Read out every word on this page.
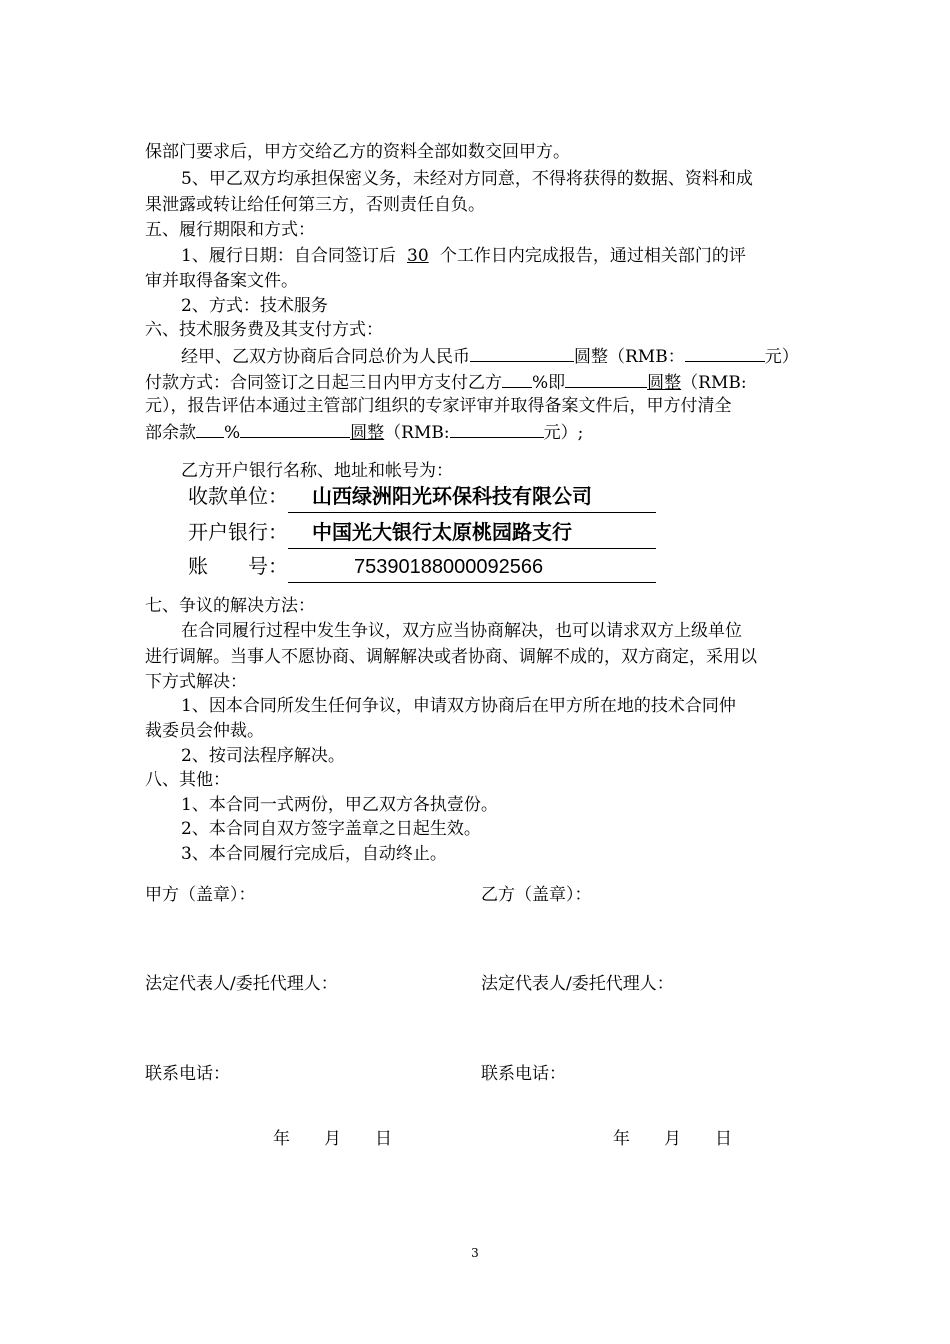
保部门要求后，甲方交给乙方的资料全部如数交回甲方。
5、甲乙双方均承担保密义务，未经对方同意，不得将获得的数据、资料和成
果泄露或转让给任何第三方，否则责任自负。
五、履行期限和方式：
1、履行日期：自合同签订后 30 个工作日内完成报告，通过相关部门的评
审并取得备案文件。
2、方式：技术服务
六、技术服务费及其支付方式：
经甲、乙双方协商后合同总价为人民币	圆整（RMB：	元）
付款方式：合同签订之日起三日内甲方支付乙方 %即	圆整（RMB:
元），报告评估本通过主管部门组织的专家评审并取得备案文件后，甲方付清全
部余款 %	圆整（RMB:	元）;
乙方开户银行名称、地址和帐号为：
收款单位： 山西绿洲阳光环保科技有限公司
开户银行： 中国光大银行太原桃园路支行
账　　号：	75390188000092566
七、争议的解决方法：
在合同履行过程中发生争议，双方应当协商解决，也可以请求双方上级单位
进行调解。当事人不愿协商、调解解决或者协商、调解不成的，双方商定，采用以
下方式解决：
1、因本合同所发生任何争议，申请双方协商后在甲方所在地的技术合同仲
裁委员会仲裁。
2、按司法程序解决。
八、其他：
1、本合同一式两份，甲乙双方各执壹份。
2、本合同自双方签字盖章之日起生效。
3、本合同履行完成后，自动终止。
甲方（盖章）：	乙方（盖章）：
法定代表人/委托代理人：	法定代表人/委托代理人：
联系电话：	联系电话：
年　　月　　日	年　　月　　日
3
